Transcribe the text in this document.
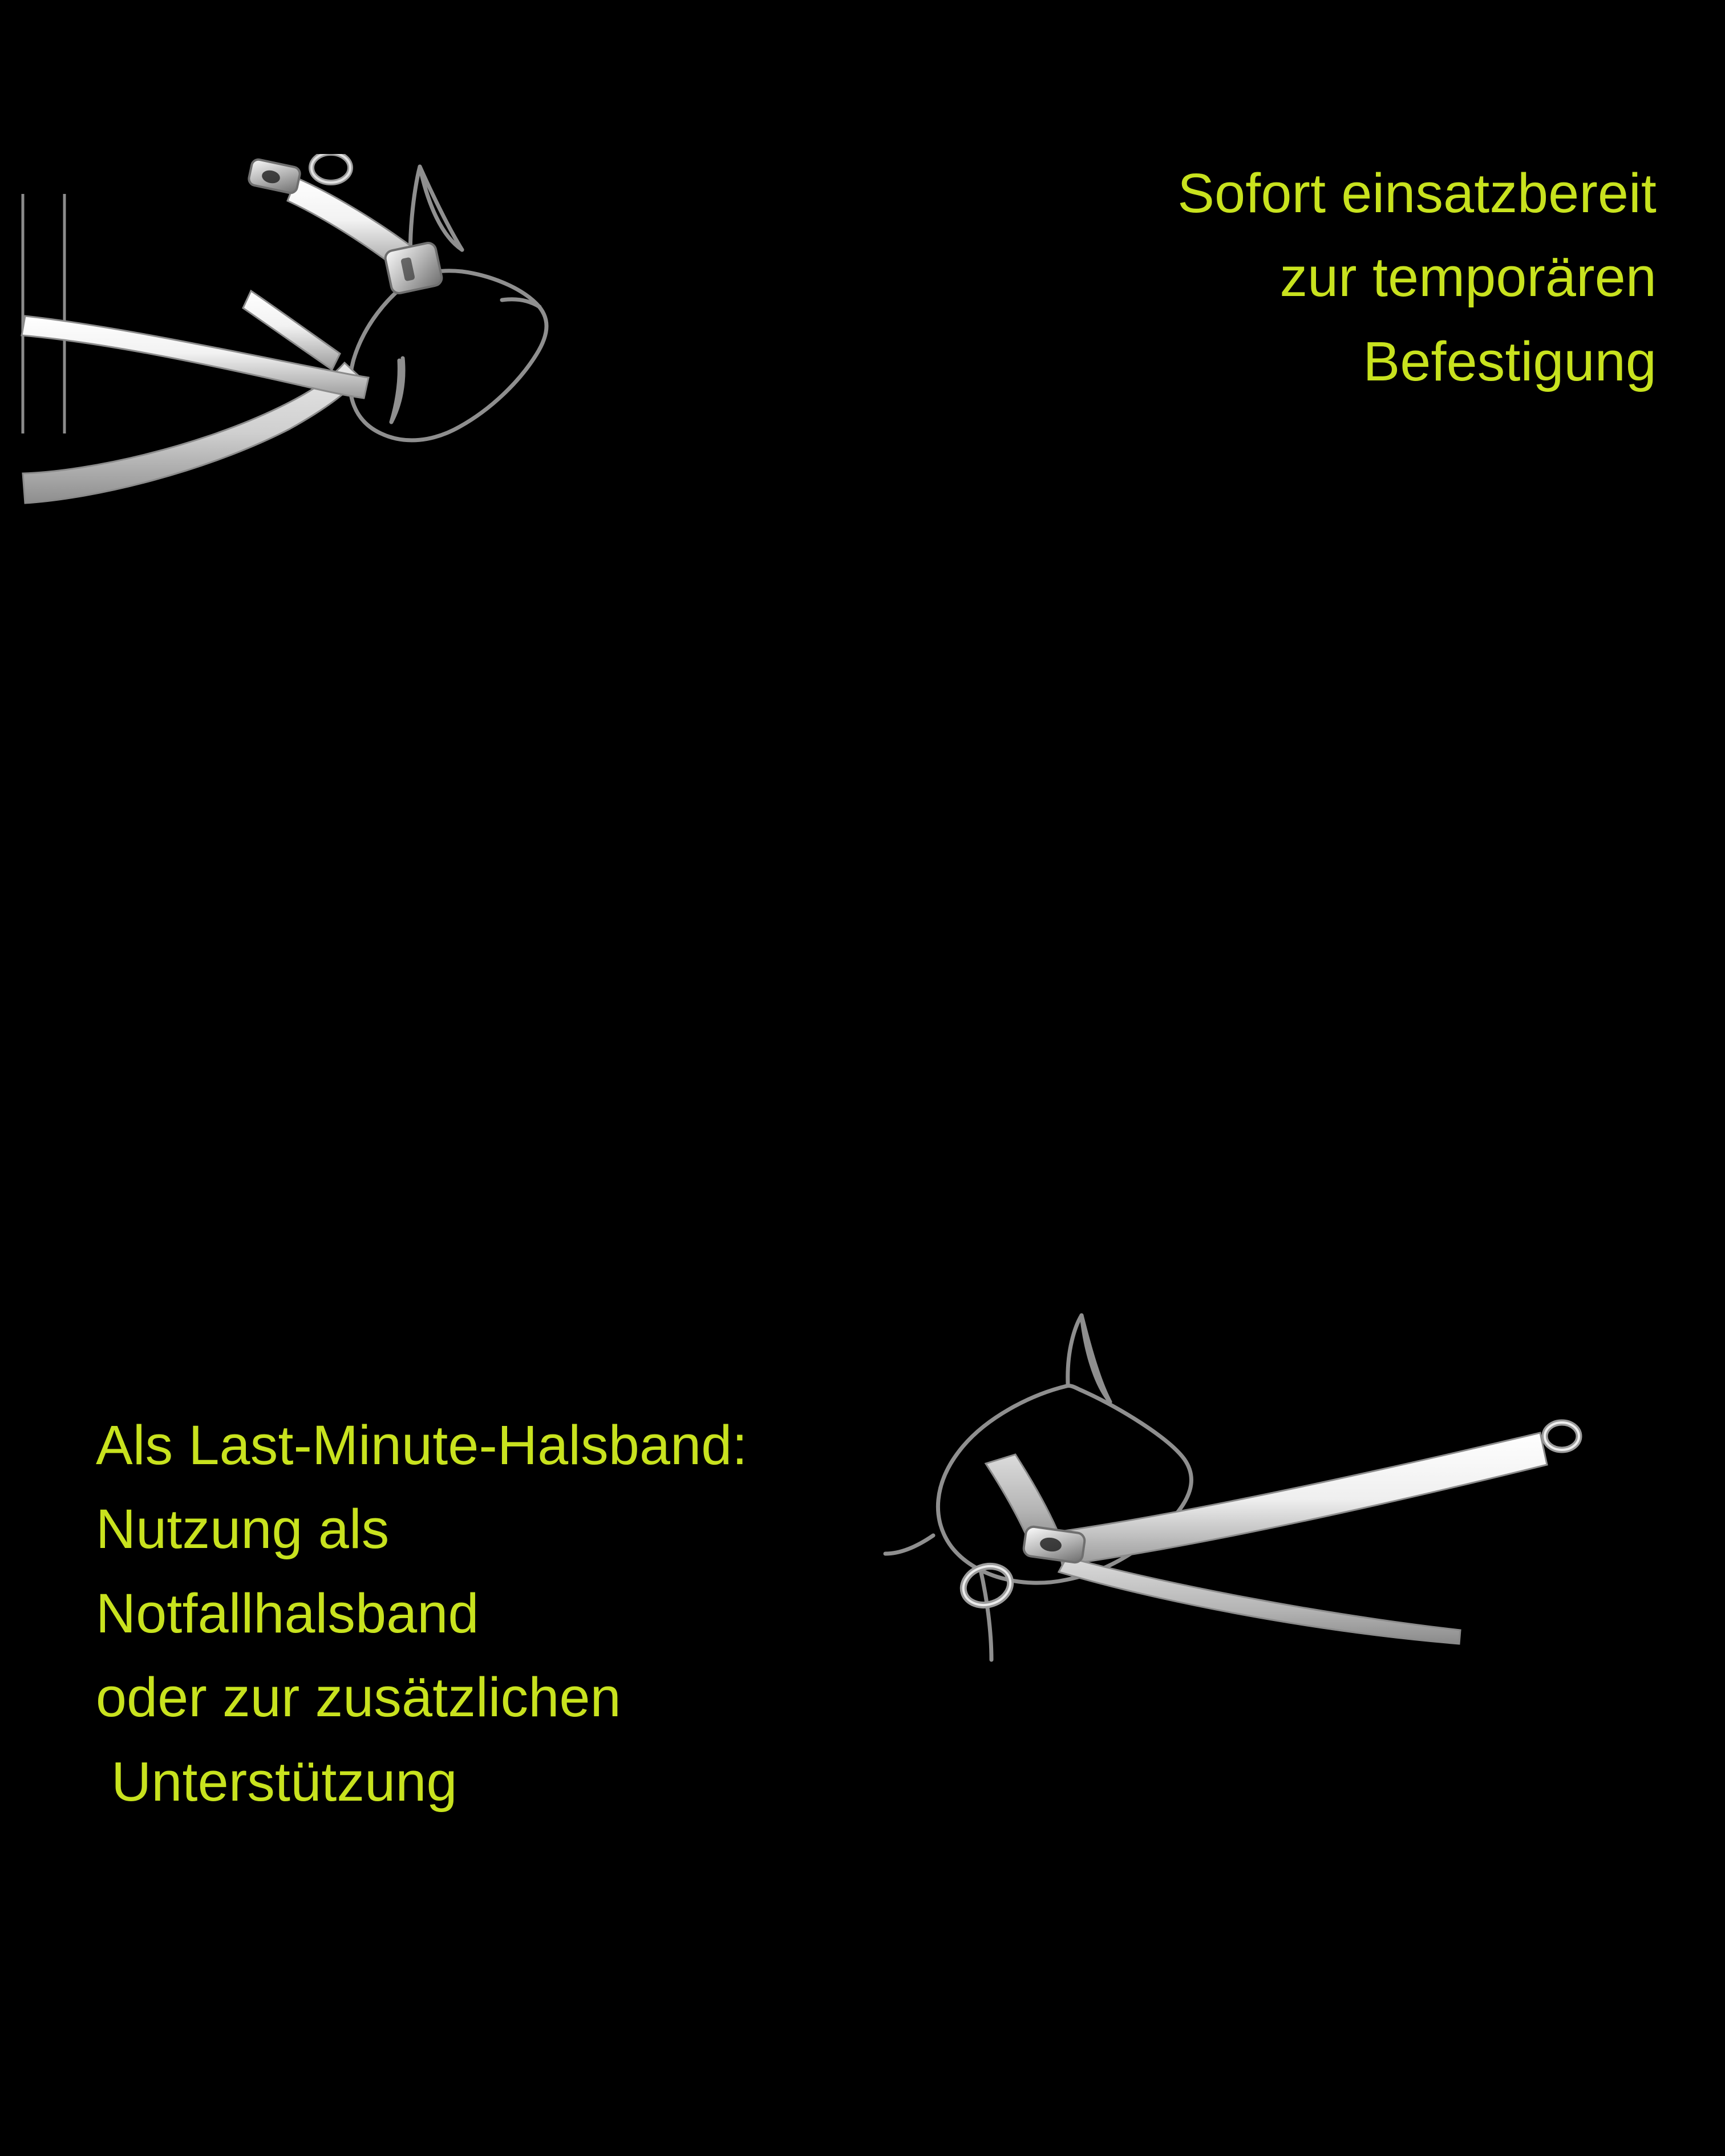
Sofort einsatzbereit
zur temporären
Befestigung
Als Last-Minute-Halsband:
Nutzung als
Notfallhalsband
oder zur zusätzlichen
Unterstützung
